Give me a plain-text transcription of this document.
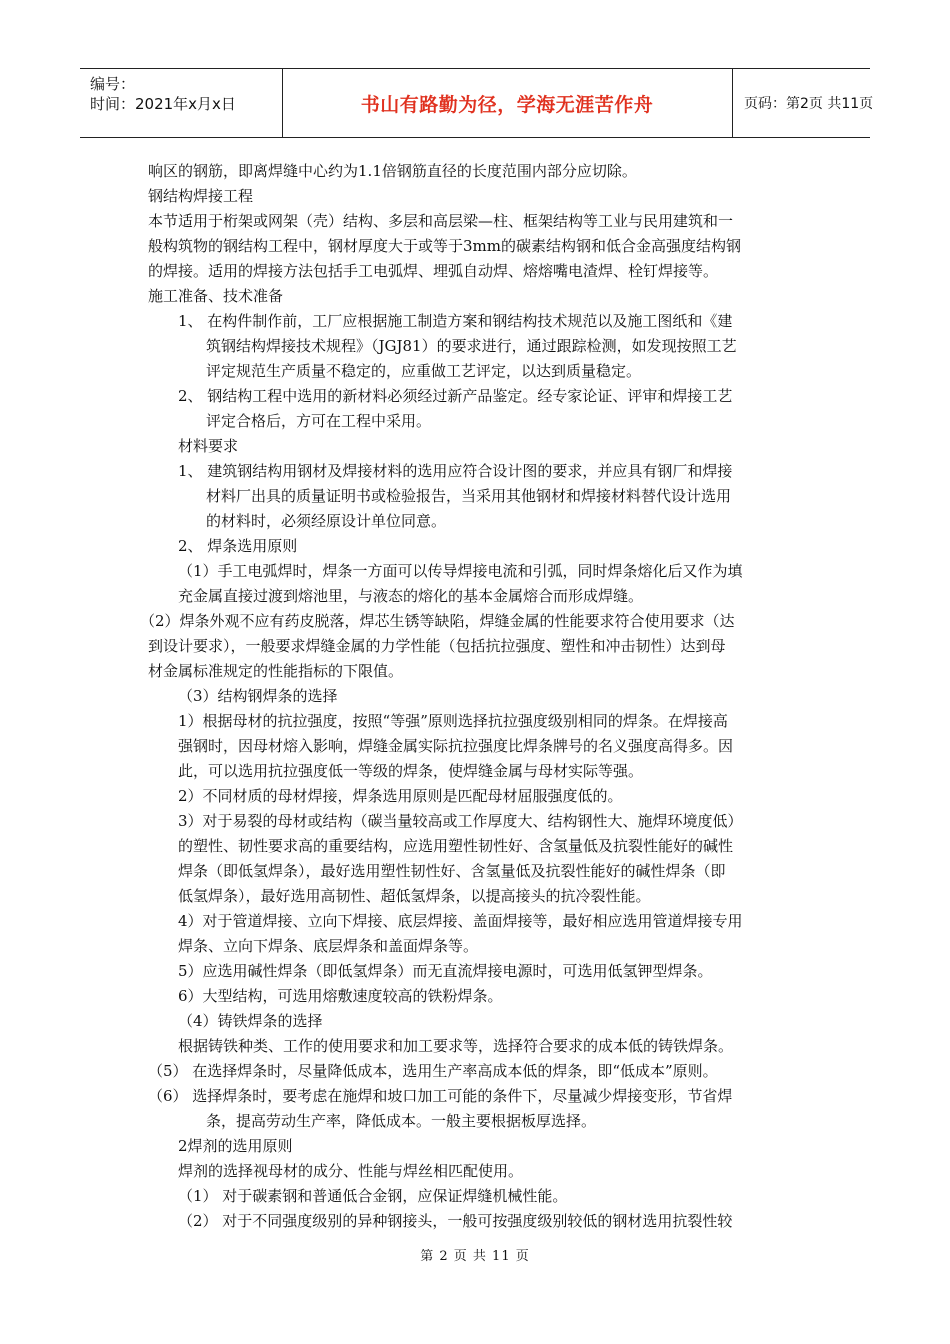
编号：
时间：2021年x月x日	书山有路勤为径，学海无涯苦作舟	页码：第2页 共11页
响区的钢筋，即离焊缝中心约为1.1倍钢筋直径的长度范围内部分应切除。
钢结构焊接工程
本节适用于桁架或网架（壳）结构、多层和高层梁—柱、框架结构等工业与民用建筑和一
般构筑物的钢结构工程中，钢材厚度大于或等于3mm的碳素结构钢和低合金高强度结构钢
的焊接。适用的焊接方法包括手工电弧焊、埋弧自动焊、熔熔嘴电渣焊、栓钉焊接等。
施工准备、技术准备
1、 在构件制作前，工厂应根据施工制造方案和钢结构技术规范以及施工图纸和《建
筑钢结构焊接技术规程》（JGJ81）的要求进行，通过跟踪检测，如发现按照工艺
评定规范生产质量不稳定的，应重做工艺评定，以达到质量稳定。
2、 钢结构工程中选用的新材料必须经过新产品鉴定。经专家论证、评审和焊接工艺
评定合格后，方可在工程中采用。
材料要求
1、 建筑钢结构用钢材及焊接材料的选用应符合设计图的要求，并应具有钢厂和焊接
材料厂出具的质量证明书或检验报告，当采用其他钢材和焊接材料替代设计选用
的材料时，必须经原设计单位同意。
2、 焊条选用原则
（1）手工电弧焊时，焊条一方面可以传导焊接电流和引弧，同时焊条熔化后又作为填
充金属直接过渡到熔池里，与液态的熔化的基本金属熔合而形成焊缝。
（2）焊条外观不应有药皮脱落，焊芯生锈等缺陷，焊缝金属的性能要求符合使用要求（达
到设计要求），一般要求焊缝金属的力学性能（包括抗拉强度、塑性和冲击韧性）达到母
材金属标准规定的性能指标的下限值。
（3）结构钢焊条的选择
1）根据母材的抗拉强度，按照“等强”原则选择抗拉强度级别相同的焊条。在焊接高
强钢时，因母材熔入影响，焊缝金属实际抗拉强度比焊条牌号的名义强度高得多。因
此，可以选用抗拉强度低一等级的焊条，使焊缝金属与母材实际等强。
2）不同材质的母材焊接，焊条选用原则是匹配母材屈服强度低的。
3）对于易裂的母材或结构（碳当量较高或工作厚度大、结构钢性大、施焊环境度低）
的塑性、韧性要求高的重要结构，应选用塑性韧性好、含氢量低及抗裂性能好的碱性
焊条（即低氢焊条），最好选用塑性韧性好、含氢量低及抗裂性能好的碱性焊条（即
低氢焊条），最好选用高韧性、超低氢焊条，以提高接头的抗冷裂性能。
4）对于管道焊接、立向下焊接、底层焊接、盖面焊接等，最好相应选用管道焊接专用
焊条、立向下焊条、底层焊条和盖面焊条等。
5）应选用碱性焊条（即低氢焊条）而无直流焊接电源时，可选用低氢钾型焊条。
6）大型结构，可选用熔敷速度较高的铁粉焊条。
（4）铸铁焊条的选择
根据铸铁种类、工作的使用要求和加工要求等，选择符合要求的成本低的铸铁焊条。
（5） 在选择焊条时，尽量降低成本，选用生产率高成本低的焊条，即“低成本”原则。
（6） 选择焊条时，要考虑在施焊和坡口加工可能的条件下，尽量减少焊接变形，节省焊
条，提高劳动生产率，降低成本。一般主要根据板厚选择。
2焊剂的选用原则
焊剂的选择视母材的成分、性能与焊丝相匹配使用。
（1） 对于碳素钢和普通低合金钢，应保证焊缝机械性能。
（2） 对于不同强度级别的异种钢接头，一般可按强度级别较低的钢材选用抗裂性较
第 2 页 共 11 页
